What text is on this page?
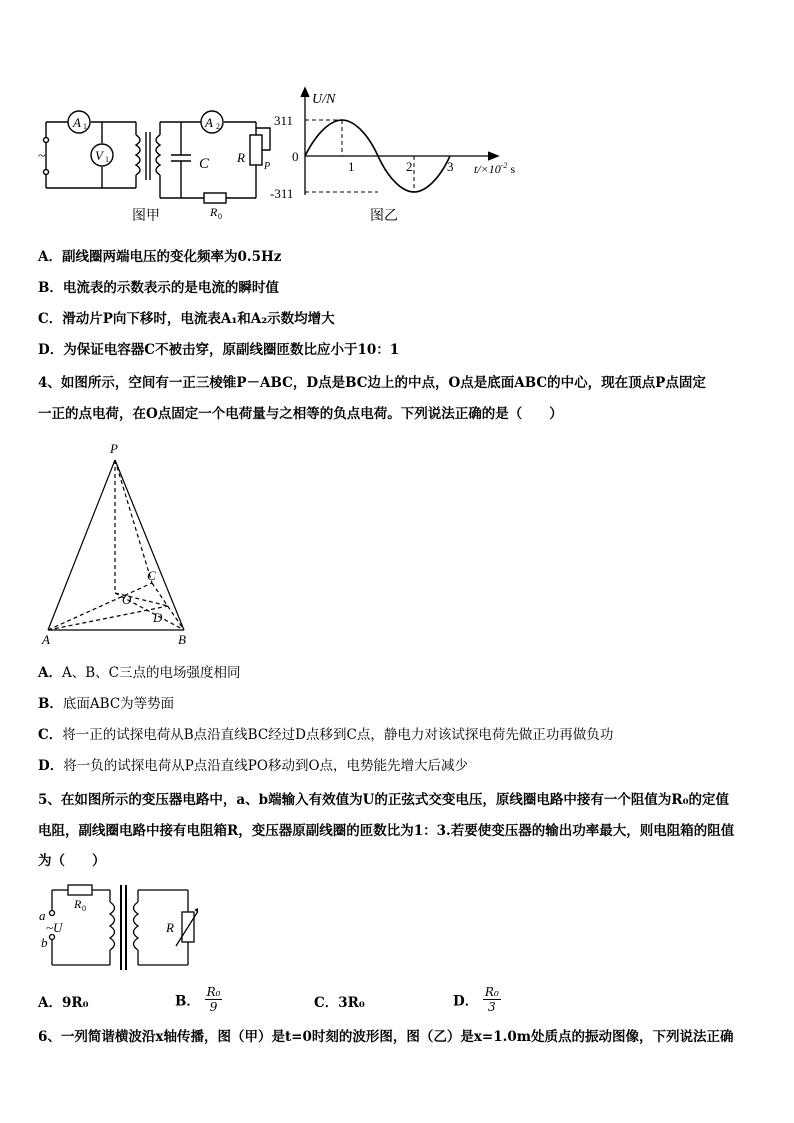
A 1
V 1
A 2
~	C R
P
R 0
图甲
U/N
311
0
-311
1	2	3 $t/\times 10^{-2}$ s
图乙
A．副线圈两端电压的变化频率为0.5Hz
B．电流表的示数表示的是电流的瞬时值
C．滑动片P向下移时，电流表A₁和A₂示数均增大
D．为保证电容器C不被击穿，原副线圈匝数比应小于10：1
4、如图所示，空间有一正三棱锥P－ABC，D点是BC边上的中点，O点是底面ABC的中心，现在顶点P点固定
一正的点电荷，在O点固定一个电荷量与之相等的负点电荷。下列说法正确的是（　　）
P
C
O
D
A	B
A．A、B、C三点的电场强度相同
B．底面ABC为等势面
C．将一正的试探电荷从B点沿直线BC经过D点移到C点，静电力对该试探电荷先做正功再做负功
D．将一负的试探电荷从P点沿直线PO移动到O点，电势能先增大后减少
5、在如图所示的变压器电路中，a、b端输入有效值为U的正弦式交变电压，原线圈电路中接有一个阻值为R₀的定值
电阻，副线圈电路中接有电阻箱R，变压器原副线圈的匝数比为1：3.若要使变压器的输出功率最大，则电阻箱的阻值
为（　　）
R 0
a
~U
b
R
A．9R₀	B． $\frac{\text{R₀}}{9}$	C．3R₀	D． $\frac{\text{R₀}}{3}$
6、一列简谐横波沿x轴传播，图（甲）是t=0时刻的波形图，图（乙）是x=1.0m处质点的振动图像，下列说法正确
